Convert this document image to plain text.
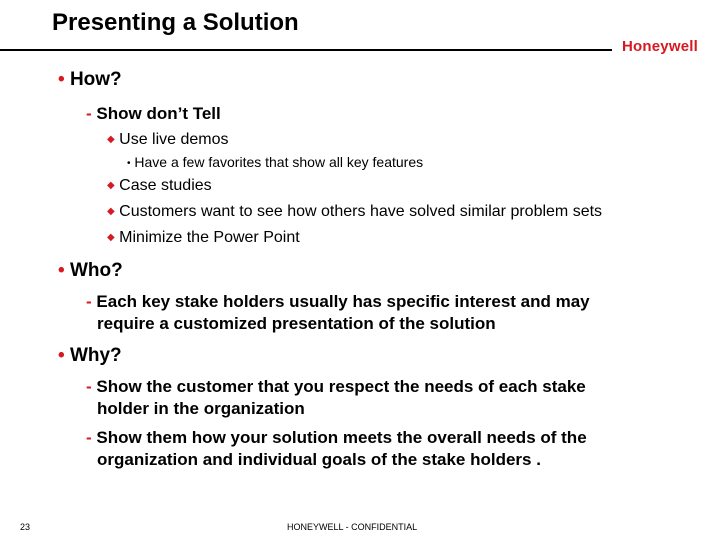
Presenting a Solution
Honeywell
• How?
- Show don’t Tell
◆ Use live demos
• Have a few favorites that show all key features
◆ Case studies
◆ Customers want to see how others have solved similar problem sets
◆ Minimize the Power Point
• Who?
- Each key stake holders usually has specific interest and may
require a customized presentation of the solution
• Why?
- Show the customer that you respect the needs of each stake
holder in the organization
- Show them how your solution meets the overall needs of the
organization and individual goals of the stake holders .
23	HONEYWELL - CONFIDENTIAL
